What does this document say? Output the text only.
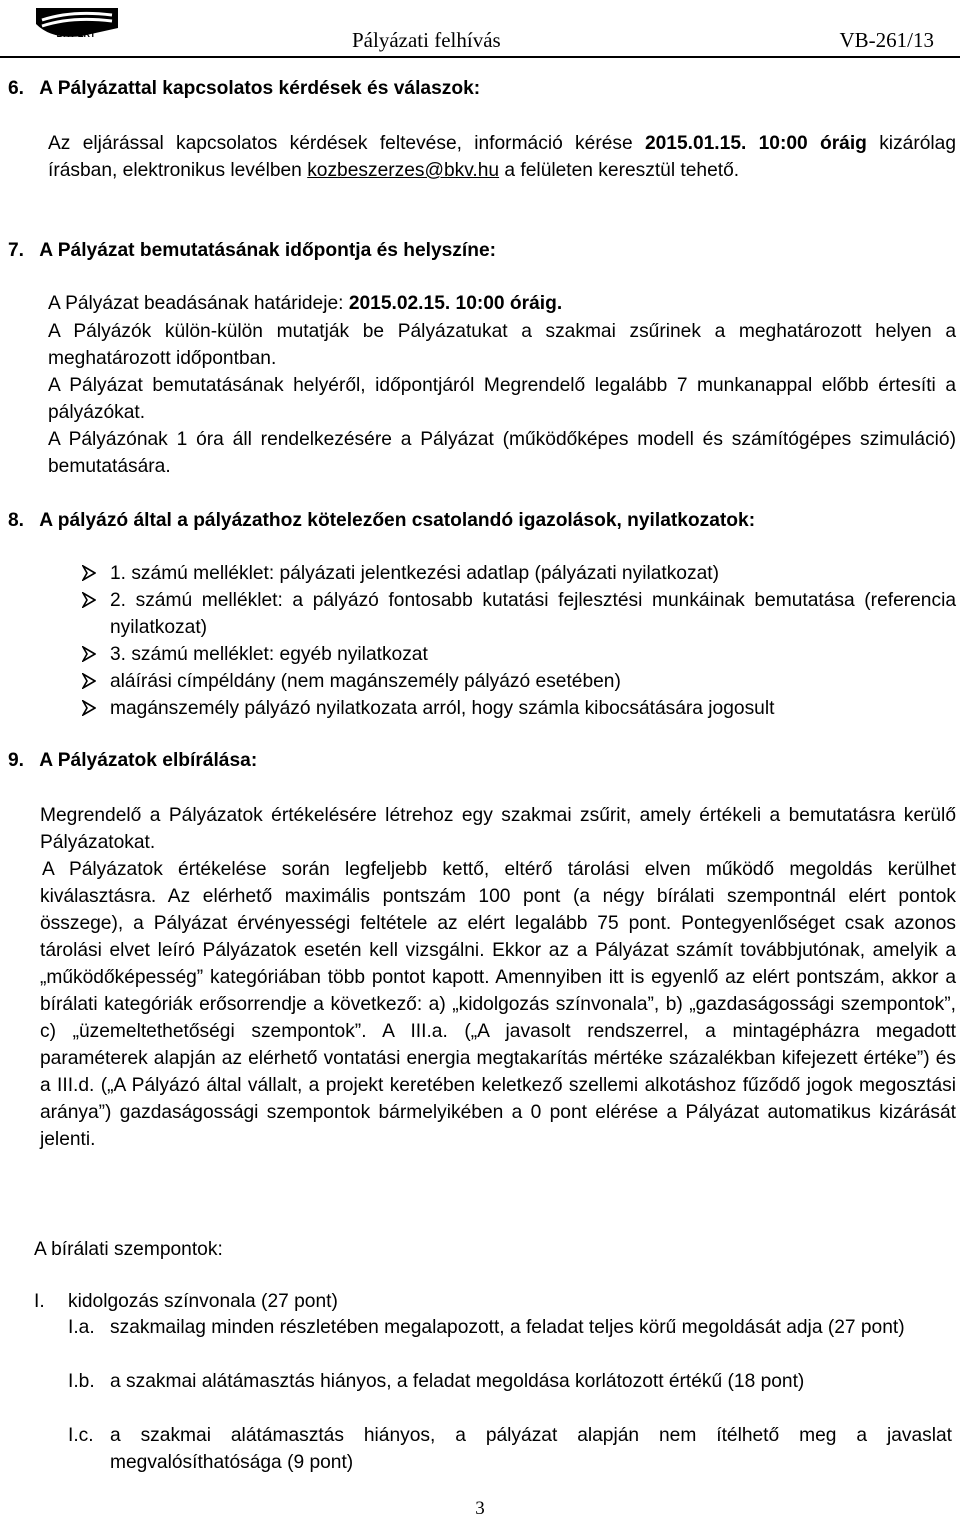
BKV ZRT	Pályázati felhívás	VB-261/13
6.   A Pályázattal kapcsolatos kérdések és válaszok:
Az eljárással kapcsolatos kérdések feltevése, információ kérése 2015.01.15. 10:00 óráig kizárólag írásban, elektronikus levélben kozbeszerzes@bkv.hu a felületen keresztül tehető.
7.   A Pályázat bemutatásának időpontja és helyszíne:
A Pályázat beadásának határideje: 2015.02.15. 10:00 óráig.
A Pályázók külön-külön mutatják be Pályázatukat a szakmai zsűrinek a meghatározott helyen a meghatározott időpontban.
A Pályázat bemutatásának helyéről, időpontjáról Megrendelő legalább 7 munkanappal előbb értesíti a pályázókat.
A Pályázónak 1 óra áll rendelkezésére a Pályázat (működőképes modell és számítógépes szimuláció) bemutatására.
8.   A pályázó által a pályázathoz kötelezően csatolandó igazolások, nyilatkozatok:
1. számú melléklet: pályázati jelentkezési adatlap (pályázati nyilatkozat)
2. számú melléklet: a pályázó fontosabb kutatási fejlesztési munkáinak bemutatása (referencia nyilatkozat)
3. számú melléklet: egyéb nyilatkozat
aláírási címpéldány (nem magánszemély pályázó esetében)
magánszemély pályázó nyilatkozata arról, hogy számla kibocsátására jogosult
9.   A Pályázatok elbírálása:
Megrendelő a Pályázatok értékelésére létrehoz egy szakmai zsűrit, amely értékeli a bemutatásra kerülő Pályázatokat.
A Pályázatok értékelése során legfeljebb kettő, eltérő tárolási elven működő megoldás kerülhet kiválasztásra. Az elérhető maximális pontszám 100 pont (a négy bírálati szempontnál elért pontok összege), a Pályázat érvényességi feltétele az elért legalább 75 pont. Pontegyenlőséget csak azonos tárolási elvet leíró Pályázatok esetén kell vizsgálni. Ekkor az a Pályázat számít továbbjutónak, amelyik a „működőképesség” kategóriában több pontot kapott. Amennyiben itt is egyenlő az elért pontszám, akkor a bírálati kategóriák erősorrendje a következő: a) „kidolgozás színvonala”, b) „gazdaságossági szempontok”, c) „üzemeltethetőségi szempontok”. A III.a. („A javasolt rendszerrel, a mintagépházra megadott paraméterek alapján az elérhető vontatási energia megtakarítás mértéke százalékban kifejezett értéke”) és a III.d. („A Pályázó által vállalt, a projekt keretében keletkező szellemi alkotáshoz fűződő jogok megosztási aránya”) gazdaságossági szempontok bármelyikében a 0 pont elérése a Pályázat automatikus kizárását jelenti.
A bírálati szempontok:
I. kidolgozás színvonala (27 pont)
I.a. szakmailag minden részletében megalapozott, a feladat teljes körű megoldását adja (27 pont)
I.b. a szakmai alátámasztás hiányos, a feladat megoldása korlátozott értékű (18 pont)
I.c. a szakmai alátámasztás hiányos, a pályázat alapján nem ítélhető meg a javaslat megvalósíthatósága (9 pont)
3
